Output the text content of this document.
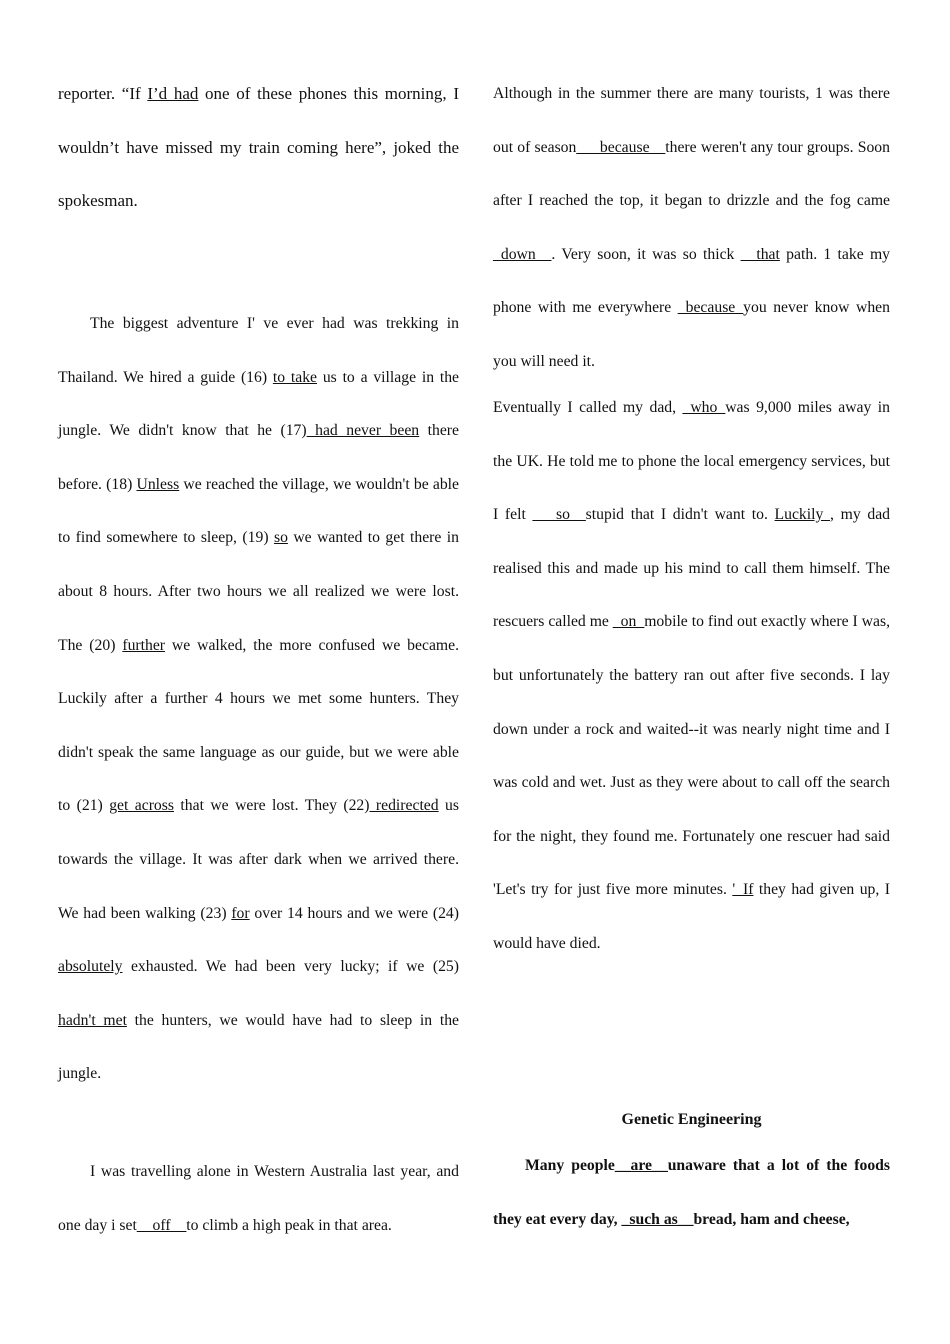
reporter. “If I’d had one of these phones this morning, I wouldn’t have missed my train coming here”, joked the spokesman.

The biggest adventure I' ve ever had was trekking in Thailand. We hired a guide (16) to take us to a village in the jungle. We didn't know that he (17) had never been there before. (18) Unless we reached the village, we wouldn't be able to find somewhere to sleep, (19) so we wanted to get there in about 8 hours. After two hours we all realized we were lost. The (20) further we walked, the more confused we became. Luckily after a further 4 hours we met some hunters. They didn't speak the same language as our guide, but we were able to (21) get across that we were lost. They (22) redirected us towards the village. It was after dark when we arrived there. We had been walking (23) for over 14 hours and we were (24) absolutely exhausted. We had been very lucky; if we (25) hadn't met the hunters, we would have had to sleep in the jungle.

I was travelling alone in Western Australia last year, and one day i set__off__to climb a high peak in that area.

Although in the summer there are many tourists, 1 was there out of season___because__there weren't any tour groups. Soon after I reached the top, it began to drizzle and the fog came _down__. Very soon, it was so thick __that path. 1 take my phone with me everywhere _because_you never know when you will need it.

Eventually I called my dad, _who_was 9,000 miles away in the UK. He told me to phone the local emergency services, but I felt ___so__stupid that I didn't want to. Luckily , my dad realised this and made up his mind to call them himself. The rescuers called me _on_mobile to find out exactly where I was, but unfortunately the battery ran out after five seconds. I lay down under a rock and waited--it was nearly night time and I was cold and wet. Just as they were about to call off the search for the night, they found me. Fortunately one rescuer had said 'Let's try for just five more minutes. '_If they had given up, I would have died.

Genetic Engineering

Many people__are__unaware that a lot of the foods they eat every day, _such as__bread, ham and cheese,
